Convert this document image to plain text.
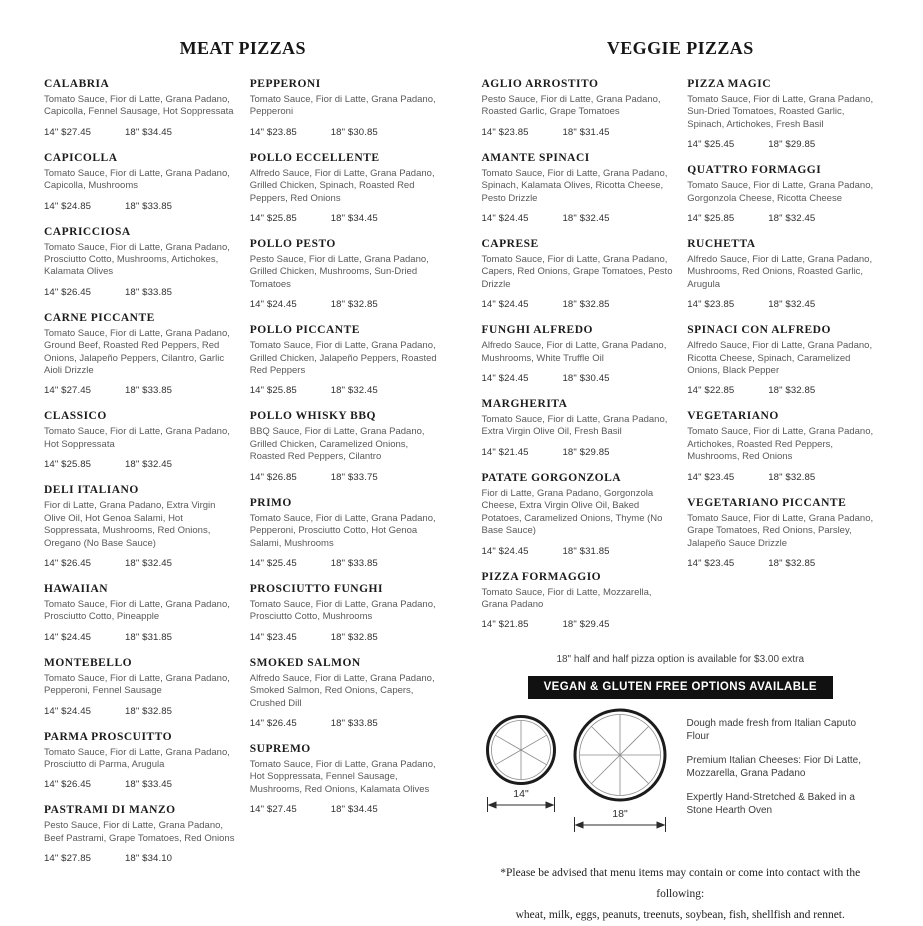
MEAT PIZZAS
CALABRIA

Tomato Sauce, Fior di Latte, Grana Padano, Capicolla, Fennel Sausage, Hot Soppressata

14" $27.45	18" $34.45
CAPICOLLA

Tomato Sauce, Fior di Latte, Grana Padano, Capicolla, Mushrooms

14" $24.85	18" $33.85
CAPRICCIOSA

Tomato Sauce, Fior di Latte, Grana Padano, Prosciutto Cotto, Mushrooms, Artichokes, Kalamata Olives

14" $26.45	18" $33.85
CARNE PICCANTE

Tomato Sauce, Fior di Latte, Grana Padano, Ground Beef, Roasted Red Peppers, Red Onions, Jalapeño Peppers, Cilantro, Garlic Aioli Drizzle

14" $27.45	18" $33.85
CLASSICO

Tomato Sauce, Fior di Latte, Grana Padano, Hot Soppressata

14" $25.85	18" $32.45
DELI ITALIANO

Fior di Latte, Grana Padano, Extra Virgin Olive Oil, Hot Genoa Salami, Hot Soppressata, Mushrooms, Red Onions, Oregano (No Base Sauce)

14" $26.45	18" $32.45
HAWAIIAN

Tomato Sauce, Fior di Latte, Grana Padano, Prosciutto Cotto, Pineapple

14" $24.45	18" $31.85
MONTEBELLO

Tomato Sauce, Fior di Latte, Grana Padano, Pepperoni, Fennel Sausage

14" $24.45	18" $32.85
PARMA PROSCUITTO

Tomato Sauce, Fior di Latte, Grana Padano, Prosciutto di Parma, Arugula

14" $26.45	18" $33.45
PASTRAMI DI MANZO

Pesto Sauce, Fior di Latte, Grana Padano, Beef Pastrami, Grape Tomatoes, Red Onions

14" $27.85	18" $34.10
PEPPERONI

Tomato Sauce, Fior di Latte, Grana Padano, Pepperoni

14" $23.85	18" $30.85
POLLO ECCELLENTE

Alfredo Sauce, Fior di Latte, Grana Padano, Grilled Chicken, Spinach, Roasted Red Peppers, Red Onions

14" $25.85	18" $34.45
POLLO PESTO

Pesto Sauce, Fior di Latte, Grana Padano, Grilled Chicken, Mushrooms, Sun-Dried Tomatoes

14" $24.45	18" $32.85
POLLO PICCANTE

Tomato Sauce, Fior di Latte, Grana Padano, Grilled Chicken, Jalapeño Peppers, Roasted Red Peppers

14" $25.85	18" $32.45
POLLO WHISKY BBQ

BBQ Sauce, Fior di Latte, Grana Padano, Grilled Chicken, Caramelized Onions, Roasted Red Peppers, Cilantro

14" $26.85	18" $33.75
PRIMO

Tomato Sauce, Fior di Latte, Grana Padano, Pepperoni, Prosciutto Cotto, Hot Genoa Salami, Mushrooms

14" $25.45	18" $33.85
PROSCIUTTO FUNGHI

Tomato Sauce, Fior di Latte, Grana Padano, Prosciutto Cotto, Mushrooms

14" $23.45	18" $32.85
SMOKED SALMON

Alfredo Sauce, Fior di Latte, Grana Padano, Smoked Salmon, Red Onions, Capers, Crushed Dill

14" $26.45	18" $33.85
SUPREMO

Tomato Sauce, Fior di Latte, Grana Padano, Hot Soppressata, Fennel Sausage, Mushrooms, Red Onions, Kalamata Olives

14" $27.45	18" $34.45
VEGGIE PIZZAS
AGLIO ARROSTITO

Pesto Sauce, Fior di Latte, Grana Padano, Roasted Garlic, Grape Tomatoes

14" $23.85	18" $31.45
AMANTE SPINACI

Tomato Sauce, Fior di Latte, Grana Padano, Spinach, Kalamata Olives, Ricotta Cheese, Pesto Drizzle

14" $24.45	18" $32.45
CAPRESE

Tomato Sauce, Fior di Latte, Grana Padano, Capers, Red Onions, Grape Tomatoes, Pesto Drizzle

14" $24.45	18" $32.85
FUNGHI ALFREDO

Alfredo Sauce, Fior di Latte, Grana Padano, Mushrooms, White Truffle Oil

14" $24.45	18" $30.45
MARGHERITA

Tomato Sauce, Fior di Latte, Grana Padano, Extra Virgin Olive Oil, Fresh Basil

14" $21.45	18" $29.85
PATATE GORGONZOLA

Fior di Latte, Grana Padano, Gorgonzola Cheese, Extra Virgin Olive Oil, Baked Potatoes, Caramelized Onions, Thyme (No Base Sauce)

14" $24.45	18" $31.85
PIZZA FORMAGGIO

Tomato Sauce, Fior di Latte, Mozzarella, Grana Padano

14" $21.85	18" $29.45
PIZZA MAGIC

Tomato Sauce, Fior di Latte, Grana Padano, Sun-Dried Tomatoes, Roasted Garlic, Spinach, Artichokes, Fresh Basil

14" $25.45	18" $29.85
QUATTRO FORMAGGI

Tomato Sauce, Fior di Latte, Grana Padano, Gorgonzola Cheese, Ricotta Cheese

14" $25.85	18" $32.45
RUCHETTA

Alfredo Sauce, Fior di Latte, Grana Padano, Mushrooms, Red Onions, Roasted Garlic, Arugula

14" $23.85	18" $32.45
SPINACI CON ALFREDO

Alfredo Sauce, Fior di Latte, Grana Padano, Ricotta Cheese, Spinach, Caramelized Onions, Black Pepper

14" $22.85	18" $32.85
VEGETARIANO

Tomato Sauce, Fior di Latte, Grana Padano, Artichokes, Roasted Red Peppers, Mushrooms, Red Onions

14" $23.45	18" $32.85
VEGETARIANO PICCANTE

Tomato Sauce, Fior di Latte, Grana Padano, Grape Tomatoes, Red Onions, Parsley, Jalapeño Sauce Drizzle

14" $23.45	18" $32.85
18" half and half pizza option is available for $3.00 extra
VEGAN & GLUTEN FREE OPTIONS AVAILABLE
14"
18"

Dough made fresh from Italian Caputo Flour

Premium Italian Cheeses: Fior Di Latte, Mozzarella, Grana Padano

Expertly Hand-Stretched & Baked in a Stone Hearth Oven

*Please be advised that menu items may contain or come into contact with the following:
wheat, milk, eggs, peanuts, treenuts, soybean, fish, shellfish and rennet.
